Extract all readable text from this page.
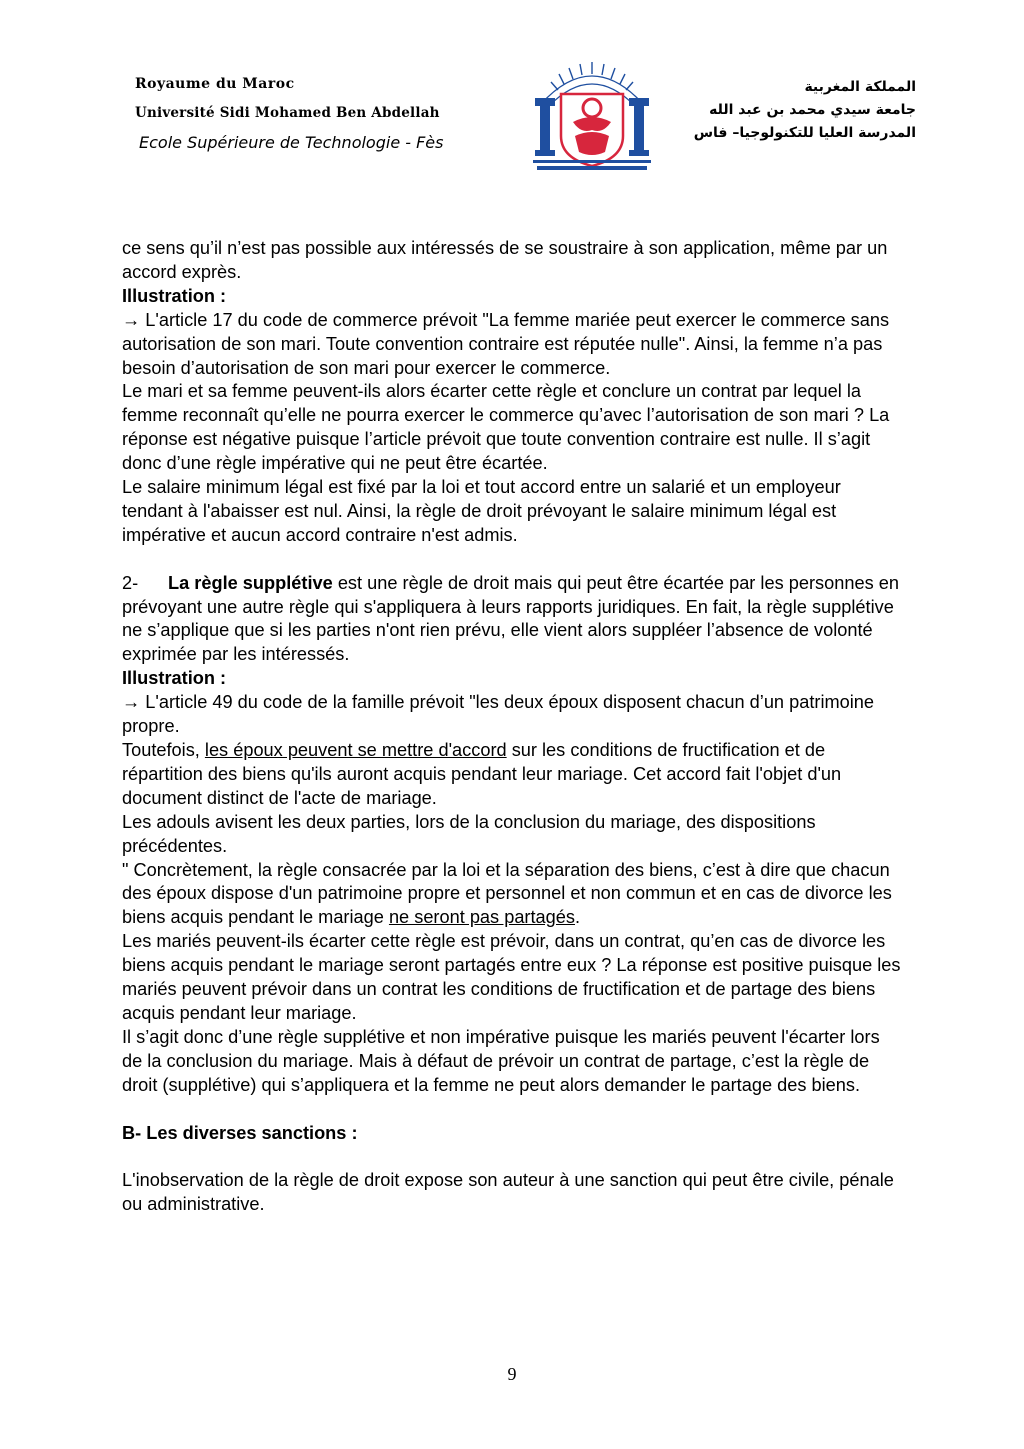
Royaume du Maroc
Université Sidi Mohamed Ben Abdellah
Ecole Supérieure de Technologie - Fès
المملكة المغربية
جامعة سيدي محمد بن عبد الله
المدرسة العليا للتكنولوجيا– فاس

ce sens qu’il n’est pas possible aux intéressés de se soustraire à son application, même par un accord exprès.

Illustration :

→ L'article 17 du code de commerce prévoit "La femme mariée peut exercer le commerce sans autorisation de son mari. Toute convention contraire est réputée nulle". Ainsi, la femme n’a pas besoin d’autorisation de son mari pour exercer le commerce.

Le mari et sa femme peuvent-ils alors écarter cette règle et conclure un contrat par lequel la femme reconnaît qu’elle ne pourra exercer le commerce qu’avec l’autorisation de son mari ? La réponse est négative puisque l’article prévoit que toute convention contraire est nulle. Il s’agit donc d’une règle impérative qui ne peut être écartée.

Le salaire minimum légal est fixé par la loi et tout accord entre un salarié et un employeur tendant à l'abaisser est nul. Ainsi, la règle de droit prévoyant le salaire minimum légal est impérative et aucun accord contraire n'est admis.

2- La règle supplétive est une règle de droit mais qui peut être écartée par les personnes en prévoyant une autre règle qui s'appliquera à leurs rapports juridiques. En fait, la règle supplétive ne s’applique que si les parties n'ont rien prévu, elle vient alors suppléer l’absence de volonté exprimée par les intéressés.

Illustration :

→ L'article 49 du code de la famille prévoit "les deux époux disposent chacun d’un patrimoine propre.

Toutefois, les époux peuvent se mettre d'accord sur les conditions de fructification et de répartition des biens qu'ils auront acquis pendant leur mariage. Cet accord fait l'objet d'un document distinct de l'acte de mariage.

Les adouls avisent les deux parties, lors de la conclusion du mariage, des dispositions précédentes.

" Concrètement, la règle consacrée par la loi et la séparation des biens, c’est à dire que chacun des époux dispose d'un patrimoine propre et personnel et non commun et en cas de divorce les biens acquis pendant le mariage ne seront pas partagés.

Les mariés peuvent-ils écarter cette règle est prévoir, dans un contrat, qu’en cas de divorce les biens acquis pendant le mariage seront partagés entre eux ? La réponse est positive puisque les mariés peuvent prévoir dans un contrat les conditions de fructification et de partage des biens acquis pendant leur mariage.

Il s’agit donc d’une règle supplétive et non impérative puisque les mariés peuvent l'écarter lors de la conclusion du mariage. Mais à défaut de prévoir un contrat de partage, c’est la règle de droit (supplétive) qui s’appliquera et la femme ne peut alors demander le partage des biens.

B- Les diverses sanctions :

L'inobservation de la règle de droit expose son auteur à une sanction qui peut être civile, pénale ou administrative.

9
